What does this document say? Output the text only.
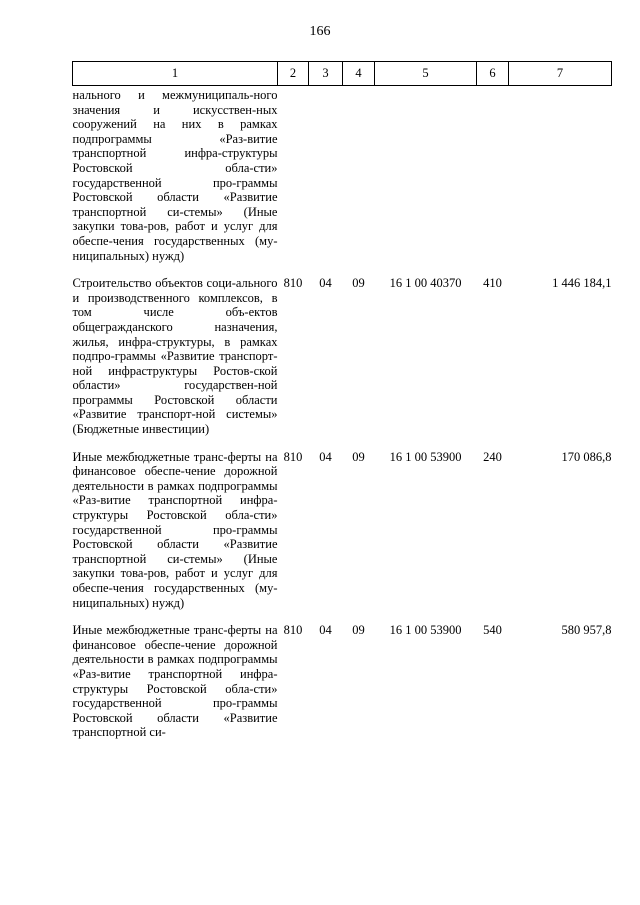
166
1	2	3	4	5	6	7
нального и межмуниципаль-ного значения и искусствен-ных сооружений на них в рамках подпрограммы «Раз-витие транспортной инфра-структуры Ростовской обла-сти» государственной про-граммы Ростовской области «Развитие транспортной си-стемы» (Иные закупки това-ров, работ и услуг для обеспе-чения государственных (му-ниципальных) нужд)						
Строительство объектов соци-ального и производственного комплексов, в том числе объ-ектов общегражданского назначения, жилья, инфра-структуры, в рамках подпро-граммы «Развитие транспорт-ной инфраструктуры Ростов-ской области» государствен-ной программы Ростовской области «Развитие транспорт-ной системы» (Бюджетные инвестиции)	810	04	09	16 1 00 40370	410	1 446 184,1
Иные межбюджетные транс-ферты на финансовое обеспе-чение дорожной деятельности в рамках подпрограммы «Раз-витие транспортной инфра-структуры Ростовской обла-сти» государственной про-граммы Ростовской области «Развитие транспортной си-стемы» (Иные закупки това-ров, работ и услуг для обеспе-чения государственных (му-ниципальных) нужд)	810	04	09	16 1 00 53900	240	170 086,8
Иные межбюджетные транс-ферты на финансовое обеспе-чение дорожной деятельности в рамках подпрограммы «Раз-витие транспортной инфра-структуры Ростовской обла-сти» государственной про-граммы Ростовской области «Развитие транспортной си-	810	04	09	16 1 00 53900	540	580 957,8
